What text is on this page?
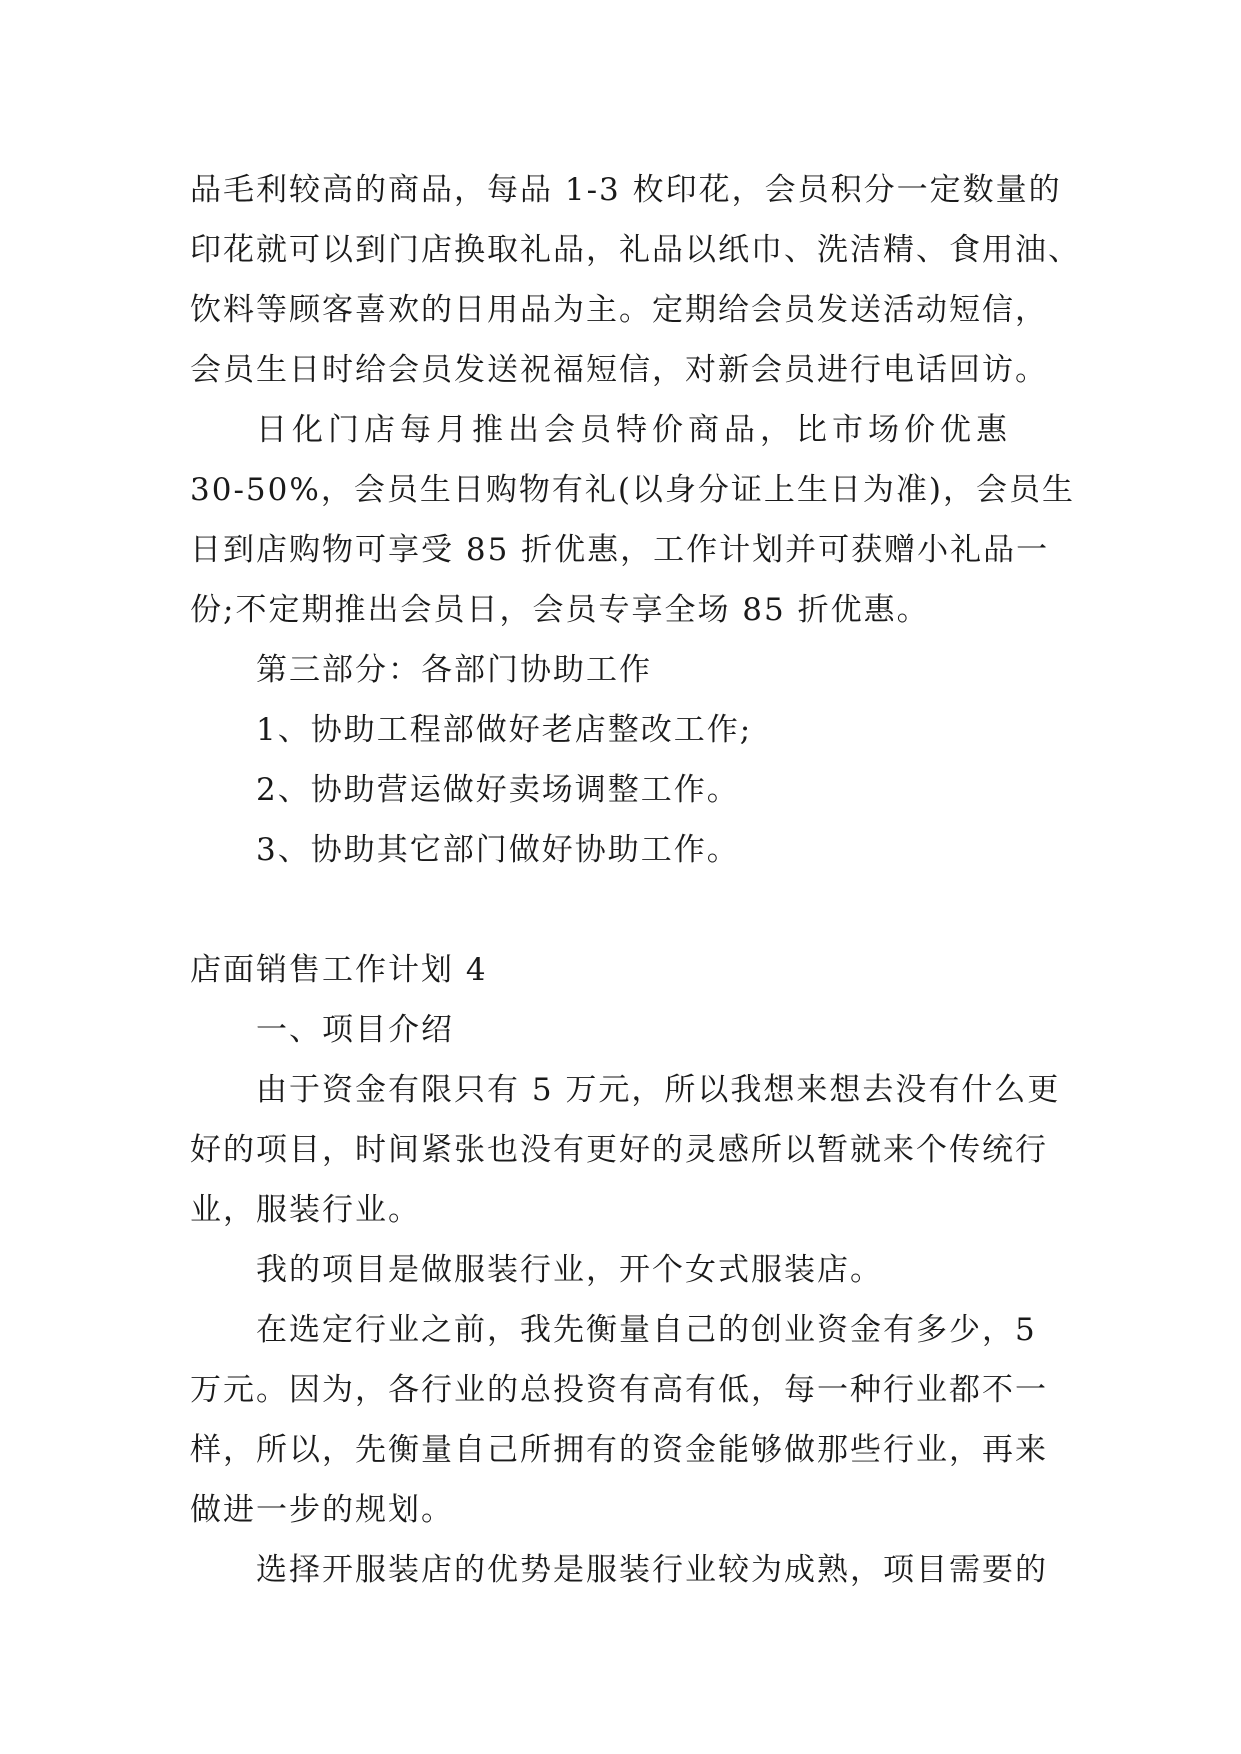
品毛利较高的商品，每品 1-3 枚印花，会员积分一定数量的
印花就可以到门店换取礼品，礼品以纸巾、洗洁精、食用油、
饮料等顾客喜欢的日用品为主。定期给会员发送活动短信，
会员生日时给会员发送祝福短信，对新会员进行电话回访。
日化门店每月推出会员特价商品，比市场价优惠
30-50%，会员生日购物有礼(以身分证上生日为准)，会员生
日到店购物可享受 85 折优惠，工作计划并可获赠小礼品一
份;不定期推出会员日，会员专享全场 85 折优惠。
第三部分：各部门协助工作
1、协助工程部做好老店整改工作;
2、协助营运做好卖场调整工作。
3、协助其它部门做好协助工作。
店面销售工作计划 4
一、项目介绍
由于资金有限只有 5 万元，所以我想来想去没有什么更
好的项目，时间紧张也没有更好的灵感所以暂就来个传统行
业，服装行业。
我的项目是做服装行业，开个女式服装店。
在选定行业之前，我先衡量自己的创业资金有多少，5
万元。因为，各行业的总投资有高有低，每一种行业都不一
样，所以，先衡量自己所拥有的资金能够做那些行业，再来
做进一步的规划。
选择开服装店的优势是服装行业较为成熟，项目需要的
